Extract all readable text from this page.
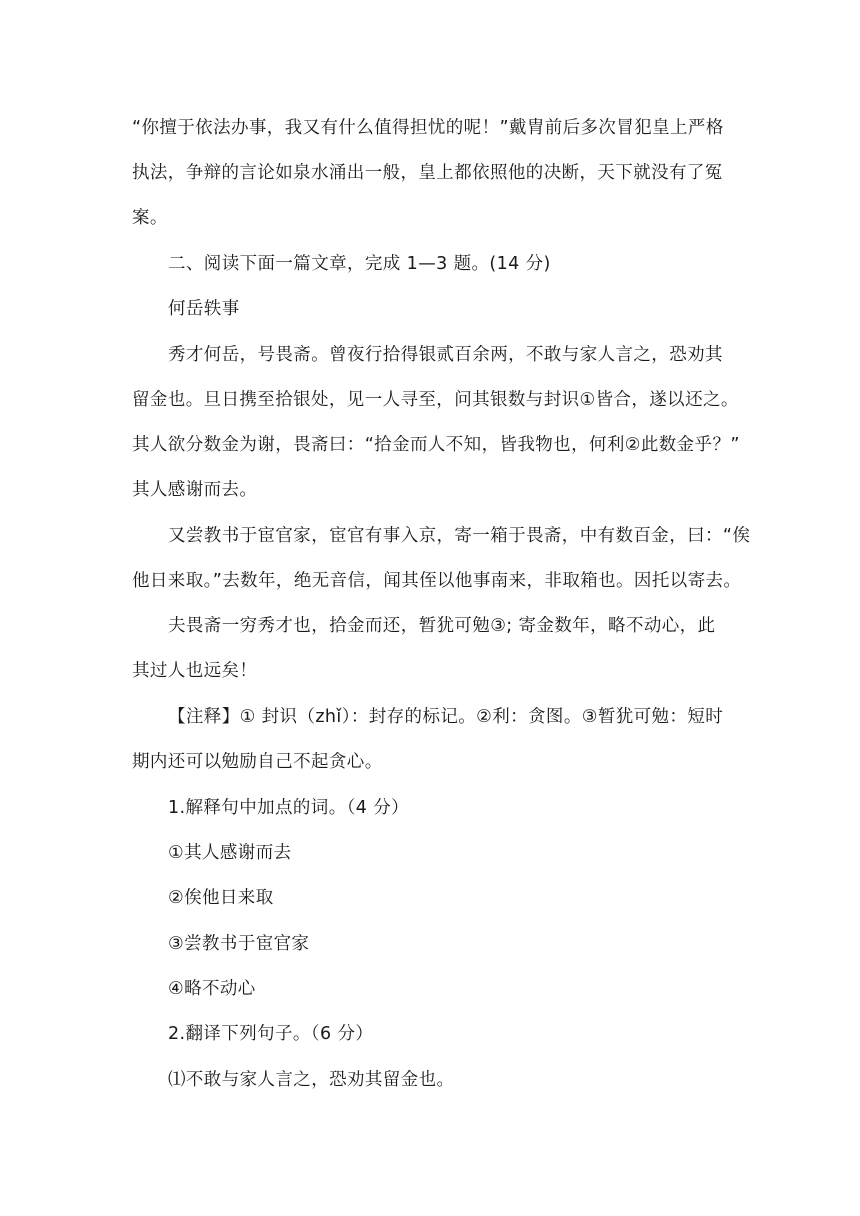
“你擅于依法办事，我又有什么值得担忧的呢！”戴胄前后多次冒犯皇上严格
执法，争辩的言论如泉水涌出一般，皇上都依照他的决断，天下就没有了冤
案。
二、阅读下面一篇文章，完成 1—3 题。(14 分)
何岳轶事
秀才何岳，号畏斋。曾夜行拾得银贰百余两，不敢与家人言之，恐劝其
留金也。旦日携至拾银处，见一人寻至，问其银数与封识①皆合，遂以还之。
其人欲分数金为谢，畏斋曰：“拾金而人不知，皆我物也，何利②此数金乎？”
其人感谢而去。
又尝教书于宦官家，宦官有事入京，寄一箱于畏斋，中有数百金，曰：“俟
他日来取。”去数年，绝无音信，闻其侄以他事南来，非取箱也。因托以寄去。
夫畏斋一穷秀才也，拾金而还，暂犹可勉③; 寄金数年，略不动心，此
其过人也远矣！
【注释】① 封识（zhǐ）：封存的标记。②利：贪图。③暂犹可勉：短时
期内还可以勉励自己不起贪心。
1.解释句中加点的词。（4 分）
①其人感谢而去
②俟他日来取
③尝教书于宦官家
④略不动心
2.翻译下列句子。（6 分）
⑴不敢与家人言之，恐劝其留金也。
